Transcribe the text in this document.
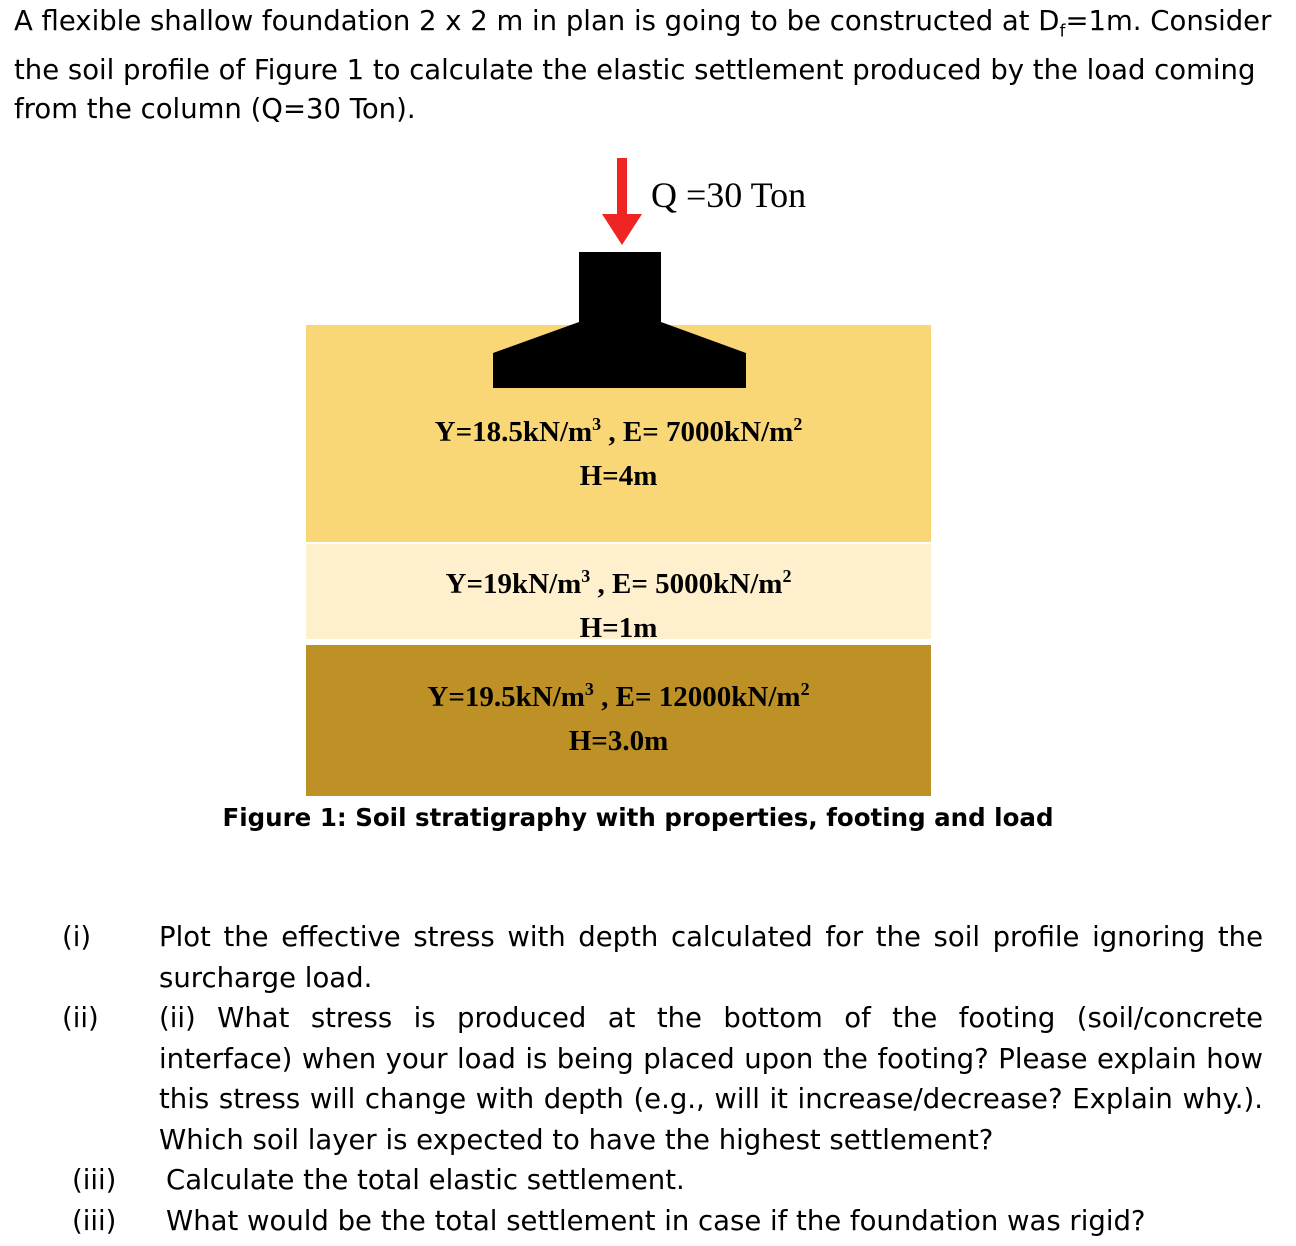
A flexible shallow foundation 2 x 2 m in plan is going to be constructed at $D_f=1m$. Consider the soil profile of Figure 1 to calculate the elastic settlement produced by the load coming from the column (Q=30 Ton).

Q =30 Ton
$\Upsilon=18.5kN/m^3$ , $E= 7000kN/m^2$
H=4m
$\Upsilon=19kN/m^3$ , $E= 5000kN/m^2$
H=1m
$\Upsilon=19.5kN/m^3$ , $E= 12000kN/m^2$
H=3.0m
Figure 1: Soil stratigraphy with properties, footing and load
(i) Plot the effective stress with depth calculated for the soil profile ignoring the surcharge load.
(ii) (ii) What stress is produced at the bottom of the footing (soil/concrete interface) when your load is being placed upon the footing? Please explain how this stress will change with depth (e.g., will it increase/decrease? Explain why.). Which soil layer is expected to have the highest settlement?
(iii) Calculate the total elastic settlement.
(iii) What would be the total settlement in case if the foundation was rigid?
